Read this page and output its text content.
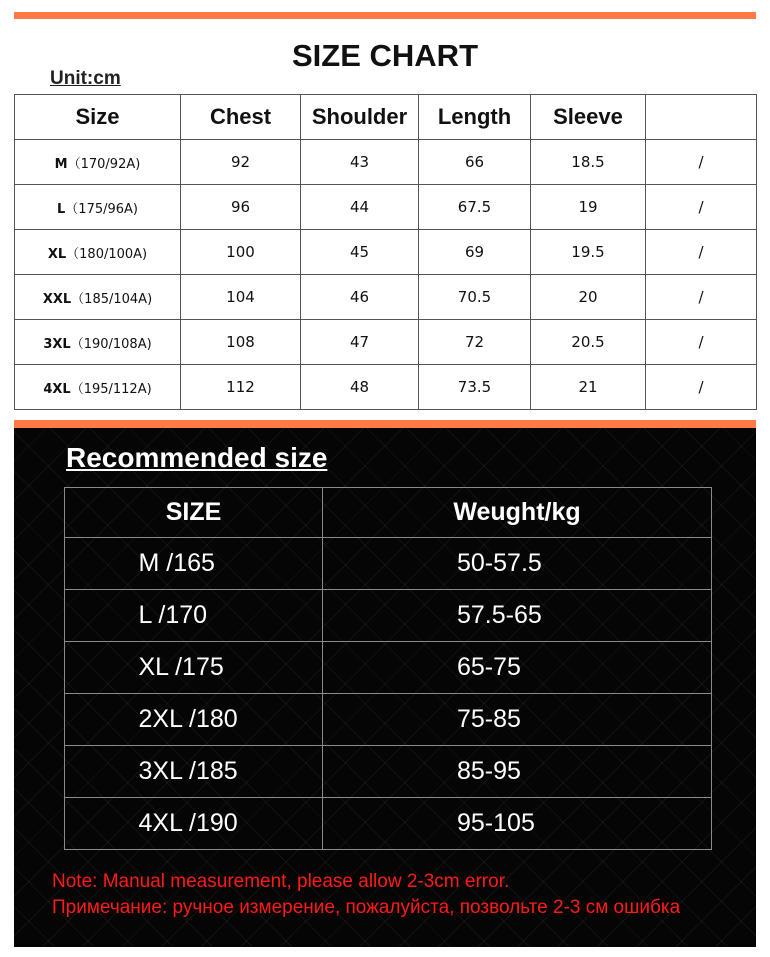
SIZE CHART
Unit:cm
Size	Chest	Shoulder	Length	Sleeve	
M（170/92A)	92	43	66	18.5	/
L（175/96A)	96	44	67.5	19	/
XL（180/100A)	100	45	69	19.5	/
XXL（185/104A)	104	46	70.5	20	/
3XL（190/108A)	108	47	72	20.5	/
4XL（195/112A)	112	48	73.5	21	/
Recommended size
SIZE	Weught/kg
M /165	50-57.5
L /170	57.5-65
XL /175	65-75
2XL /180	75-85
3XL /185	85-95
4XL /190	95-105
Note: Manual measurement, please allow 2-3cm error.
Примечание: ручное измерение, пожалуйста, позвольте 2-3 см ошибка
